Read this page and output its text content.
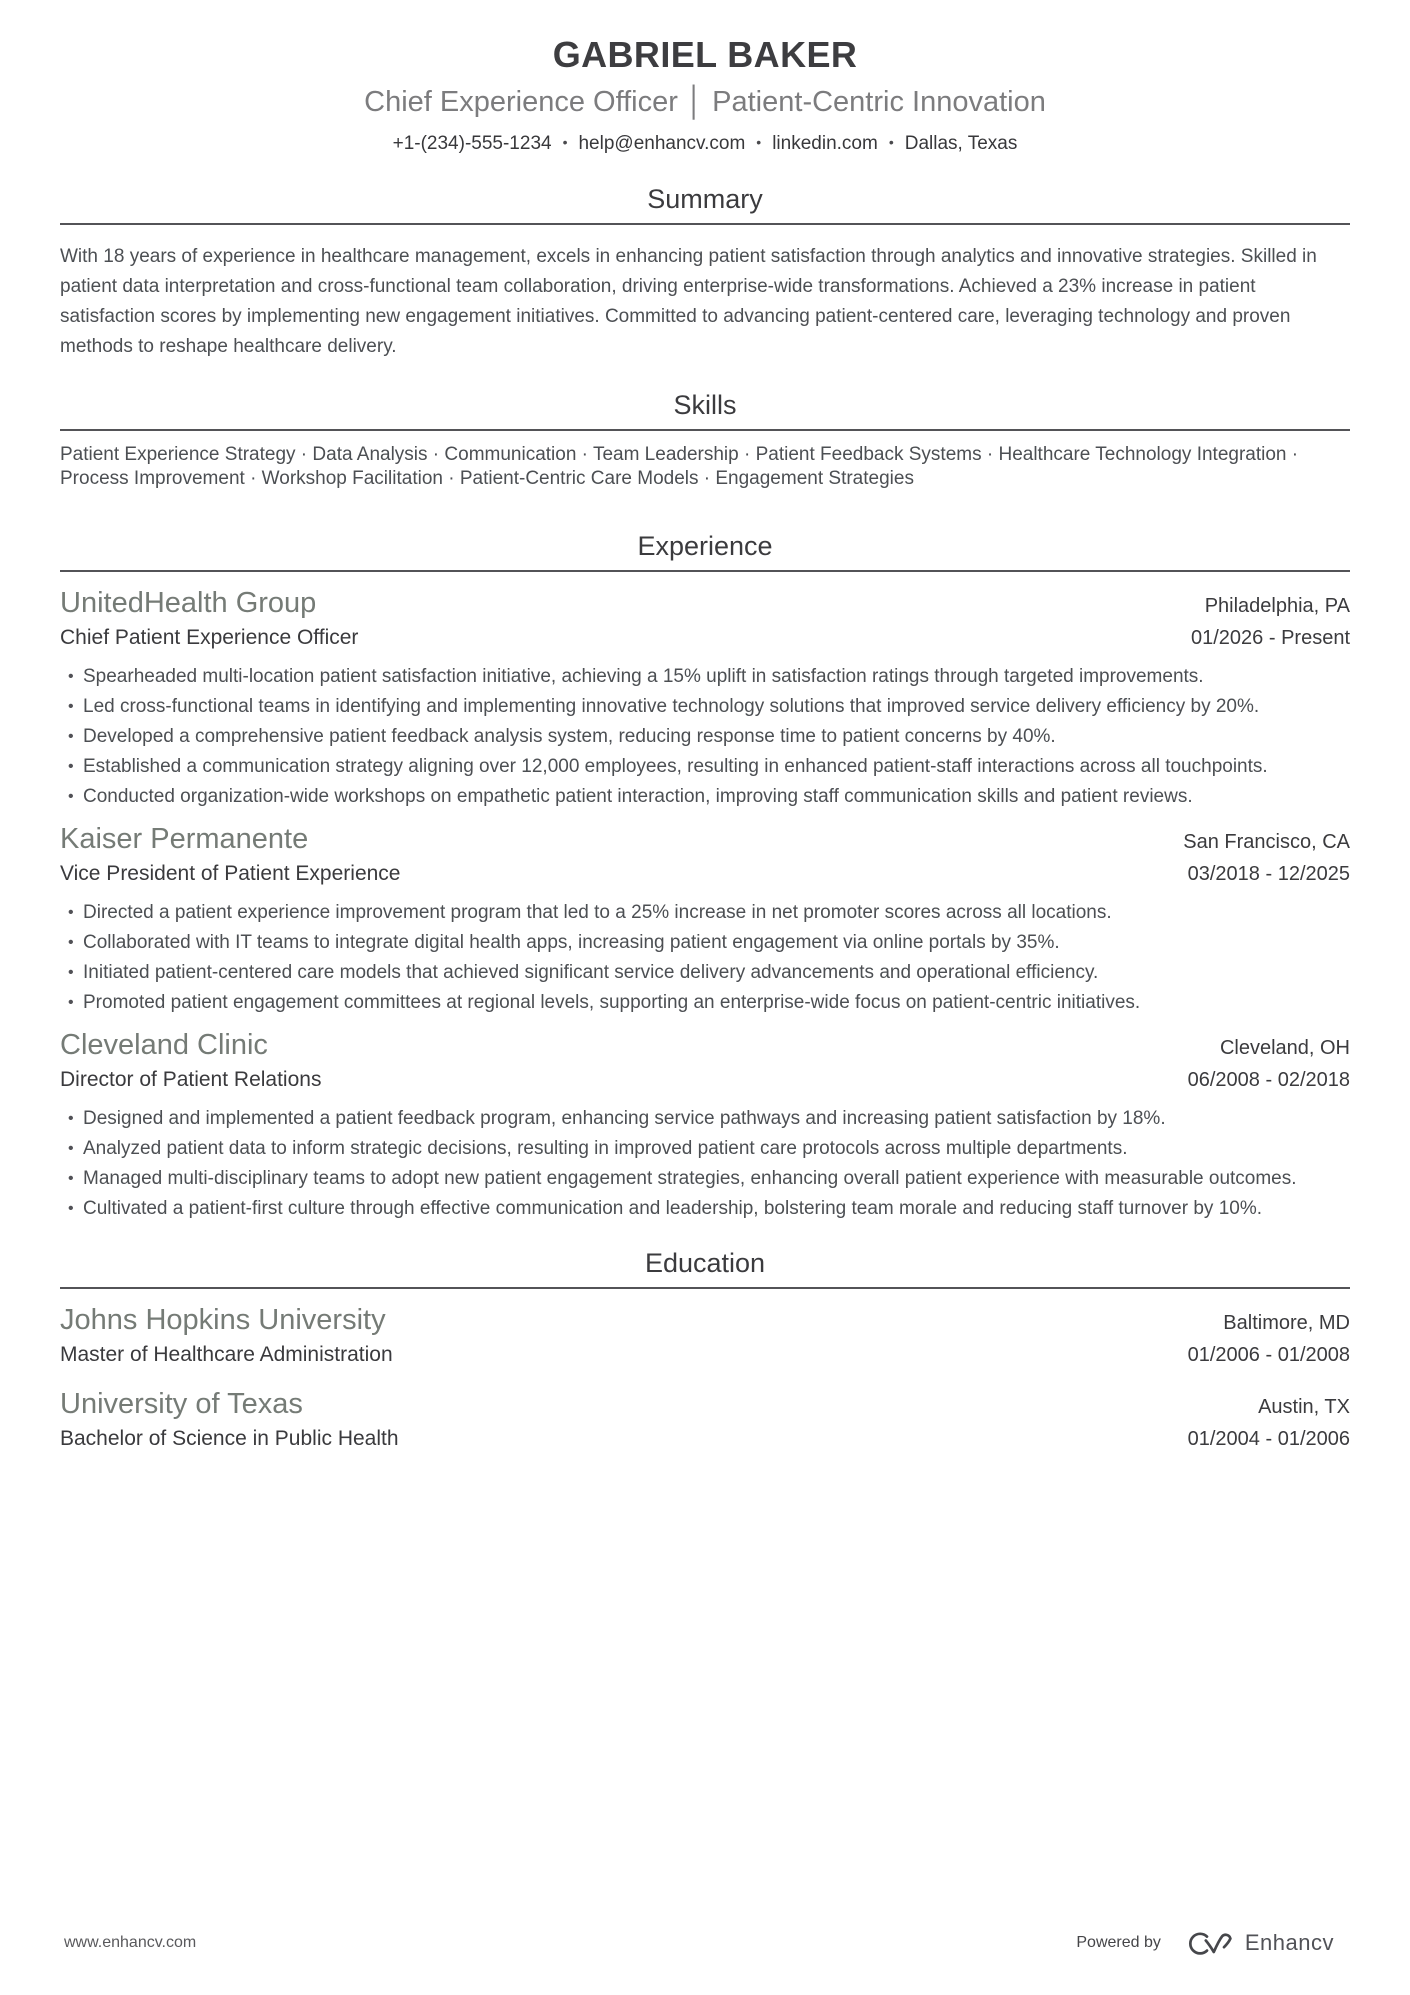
GABRIEL BAKER
Chief Experience Officer │ Patient-Centric Innovation
+1-(234)-555-1234 • help@enhancv.com • linkedin.com • Dallas, Texas
Summary

With 18 years of experience in healthcare management, excels in enhancing patient satisfaction through analytics and innovative strategies. Skilled in patient data interpretation and cross-functional team collaboration, driving enterprise-wide transformations. Achieved a 23% increase in patient satisfaction scores by implementing new engagement initiatives. Committed to advancing patient-centered care, leveraging technology and proven methods to reshape healthcare delivery.

Skills

Patient Experience Strategy · Data Analysis · Communication · Team Leadership · Patient Feedback Systems · Healthcare Technology Integration · Process Improvement · Workshop Facilitation · Patient-Centric Care Models · Engagement Strategies

Experience
UnitedHealth Group	Philadelphia, PA
Chief Patient Experience Officer	01/2026 - Present
• Spearheaded multi-location patient satisfaction initiative, achieving a 15% uplift in satisfaction ratings through targeted improvements.
• Led cross-functional teams in identifying and implementing innovative technology solutions that improved service delivery efficiency by 20%.
• Developed a comprehensive patient feedback analysis system, reducing response time to patient concerns by 40%.
• Established a communication strategy aligning over 12,000 employees, resulting in enhanced patient-staff interactions across all touchpoints.
• Conducted organization-wide workshops on empathetic patient interaction, improving staff communication skills and patient reviews.
Kaiser Permanente	San Francisco, CA
Vice President of Patient Experience	03/2018 - 12/2025
• Directed a patient experience improvement program that led to a 25% increase in net promoter scores across all locations.
• Collaborated with IT teams to integrate digital health apps, increasing patient engagement via online portals by 35%.
• Initiated patient-centered care models that achieved significant service delivery advancements and operational efficiency.
• Promoted patient engagement committees at regional levels, supporting an enterprise-wide focus on patient-centric initiatives.
Cleveland Clinic	Cleveland, OH
Director of Patient Relations	06/2008 - 02/2018
• Designed and implemented a patient feedback program, enhancing service pathways and increasing patient satisfaction by 18%.
• Analyzed patient data to inform strategic decisions, resulting in improved patient care protocols across multiple departments.
• Managed multi-disciplinary teams to adopt new patient engagement strategies, enhancing overall patient experience with measurable outcomes.
• Cultivated a patient-first culture through effective communication and leadership, bolstering team morale and reducing staff turnover by 10%.
Education
Johns Hopkins University	Baltimore, MD
Master of Healthcare Administration	01/2006 - 01/2008
University of Texas	Austin, TX
Bachelor of Science in Public Health	01/2004 - 01/2006
www.enhancv.com	Powered by	Enhancv
